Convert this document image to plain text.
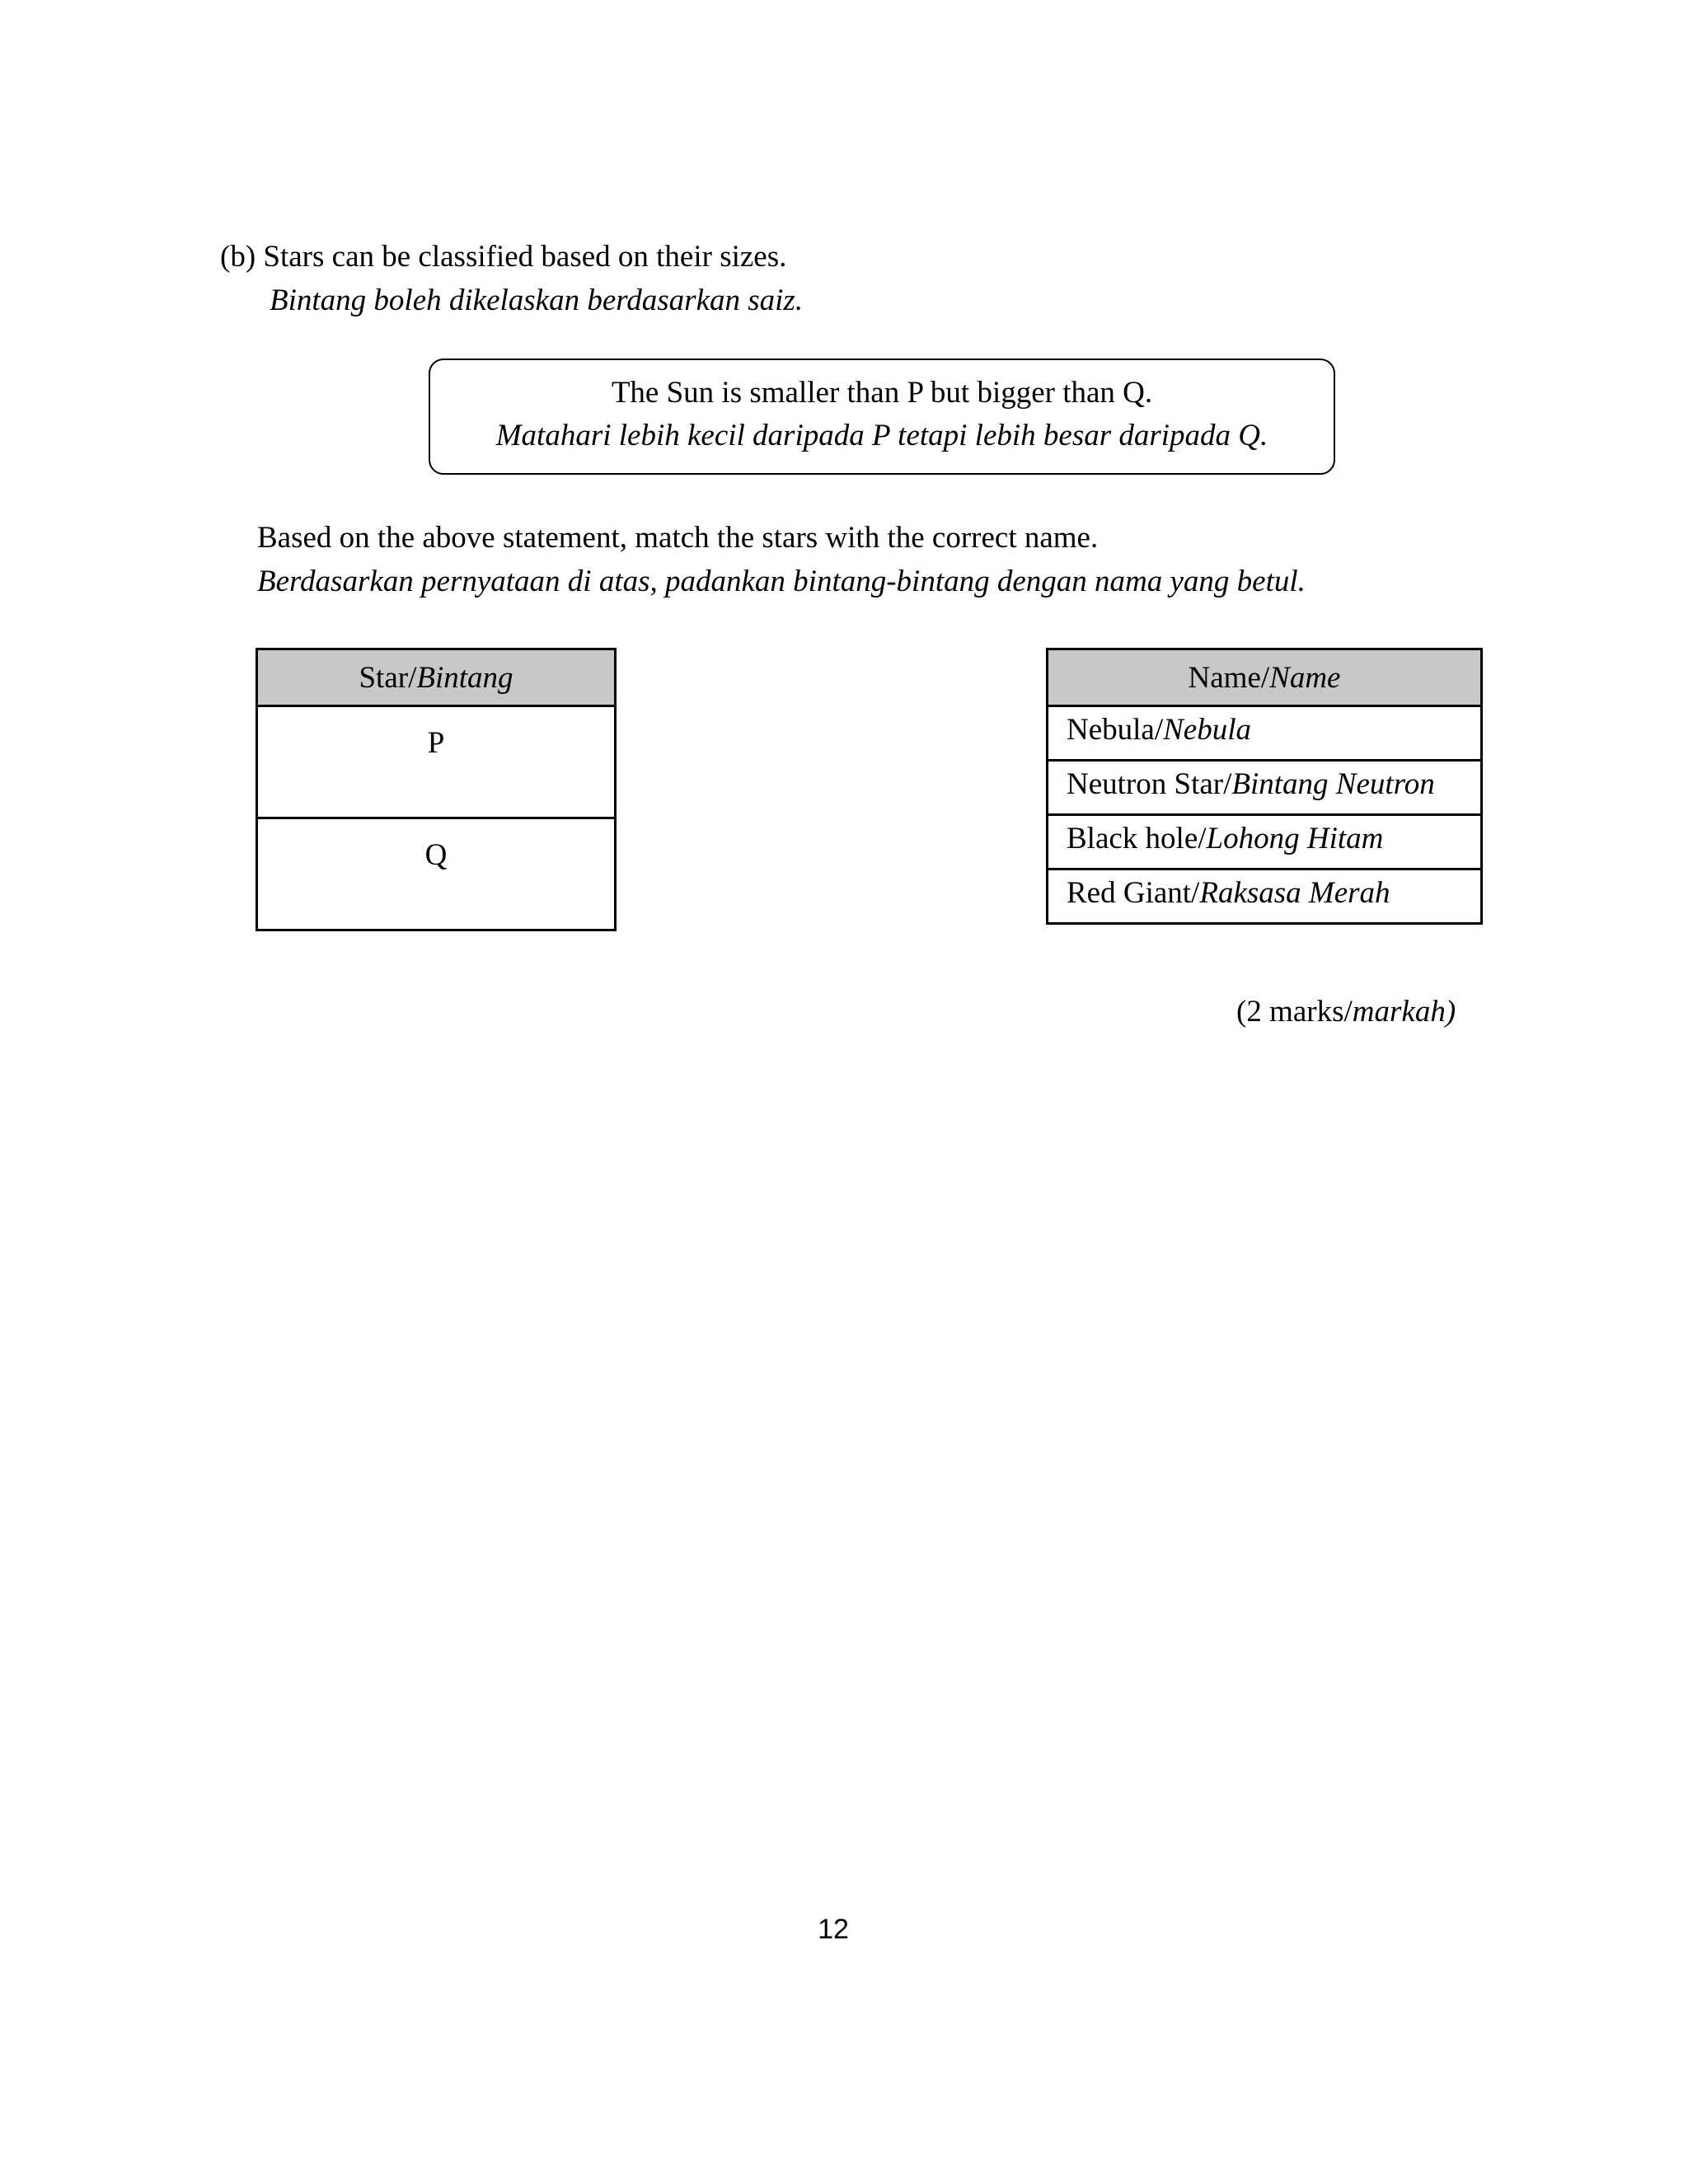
(b) Stars can be classified based on their sizes.
Bintang boleh dikelaskan berdasarkan saiz.
The Sun is smaller than P but bigger than Q.
Matahari lebih kecil daripada P tetapi lebih besar daripada Q.
Based on the above statement, match the stars with the correct name.
Berdasarkan pernyataan di atas, padankan bintang-bintang dengan nama yang betul.
Star/Bintang
P
Q
Name/Name
Nebula/Nebula
Neutron Star/Bintang Neutron
Black hole/Lohong Hitam
Red Giant/Raksasa Merah
(2 marks/markah)
12
